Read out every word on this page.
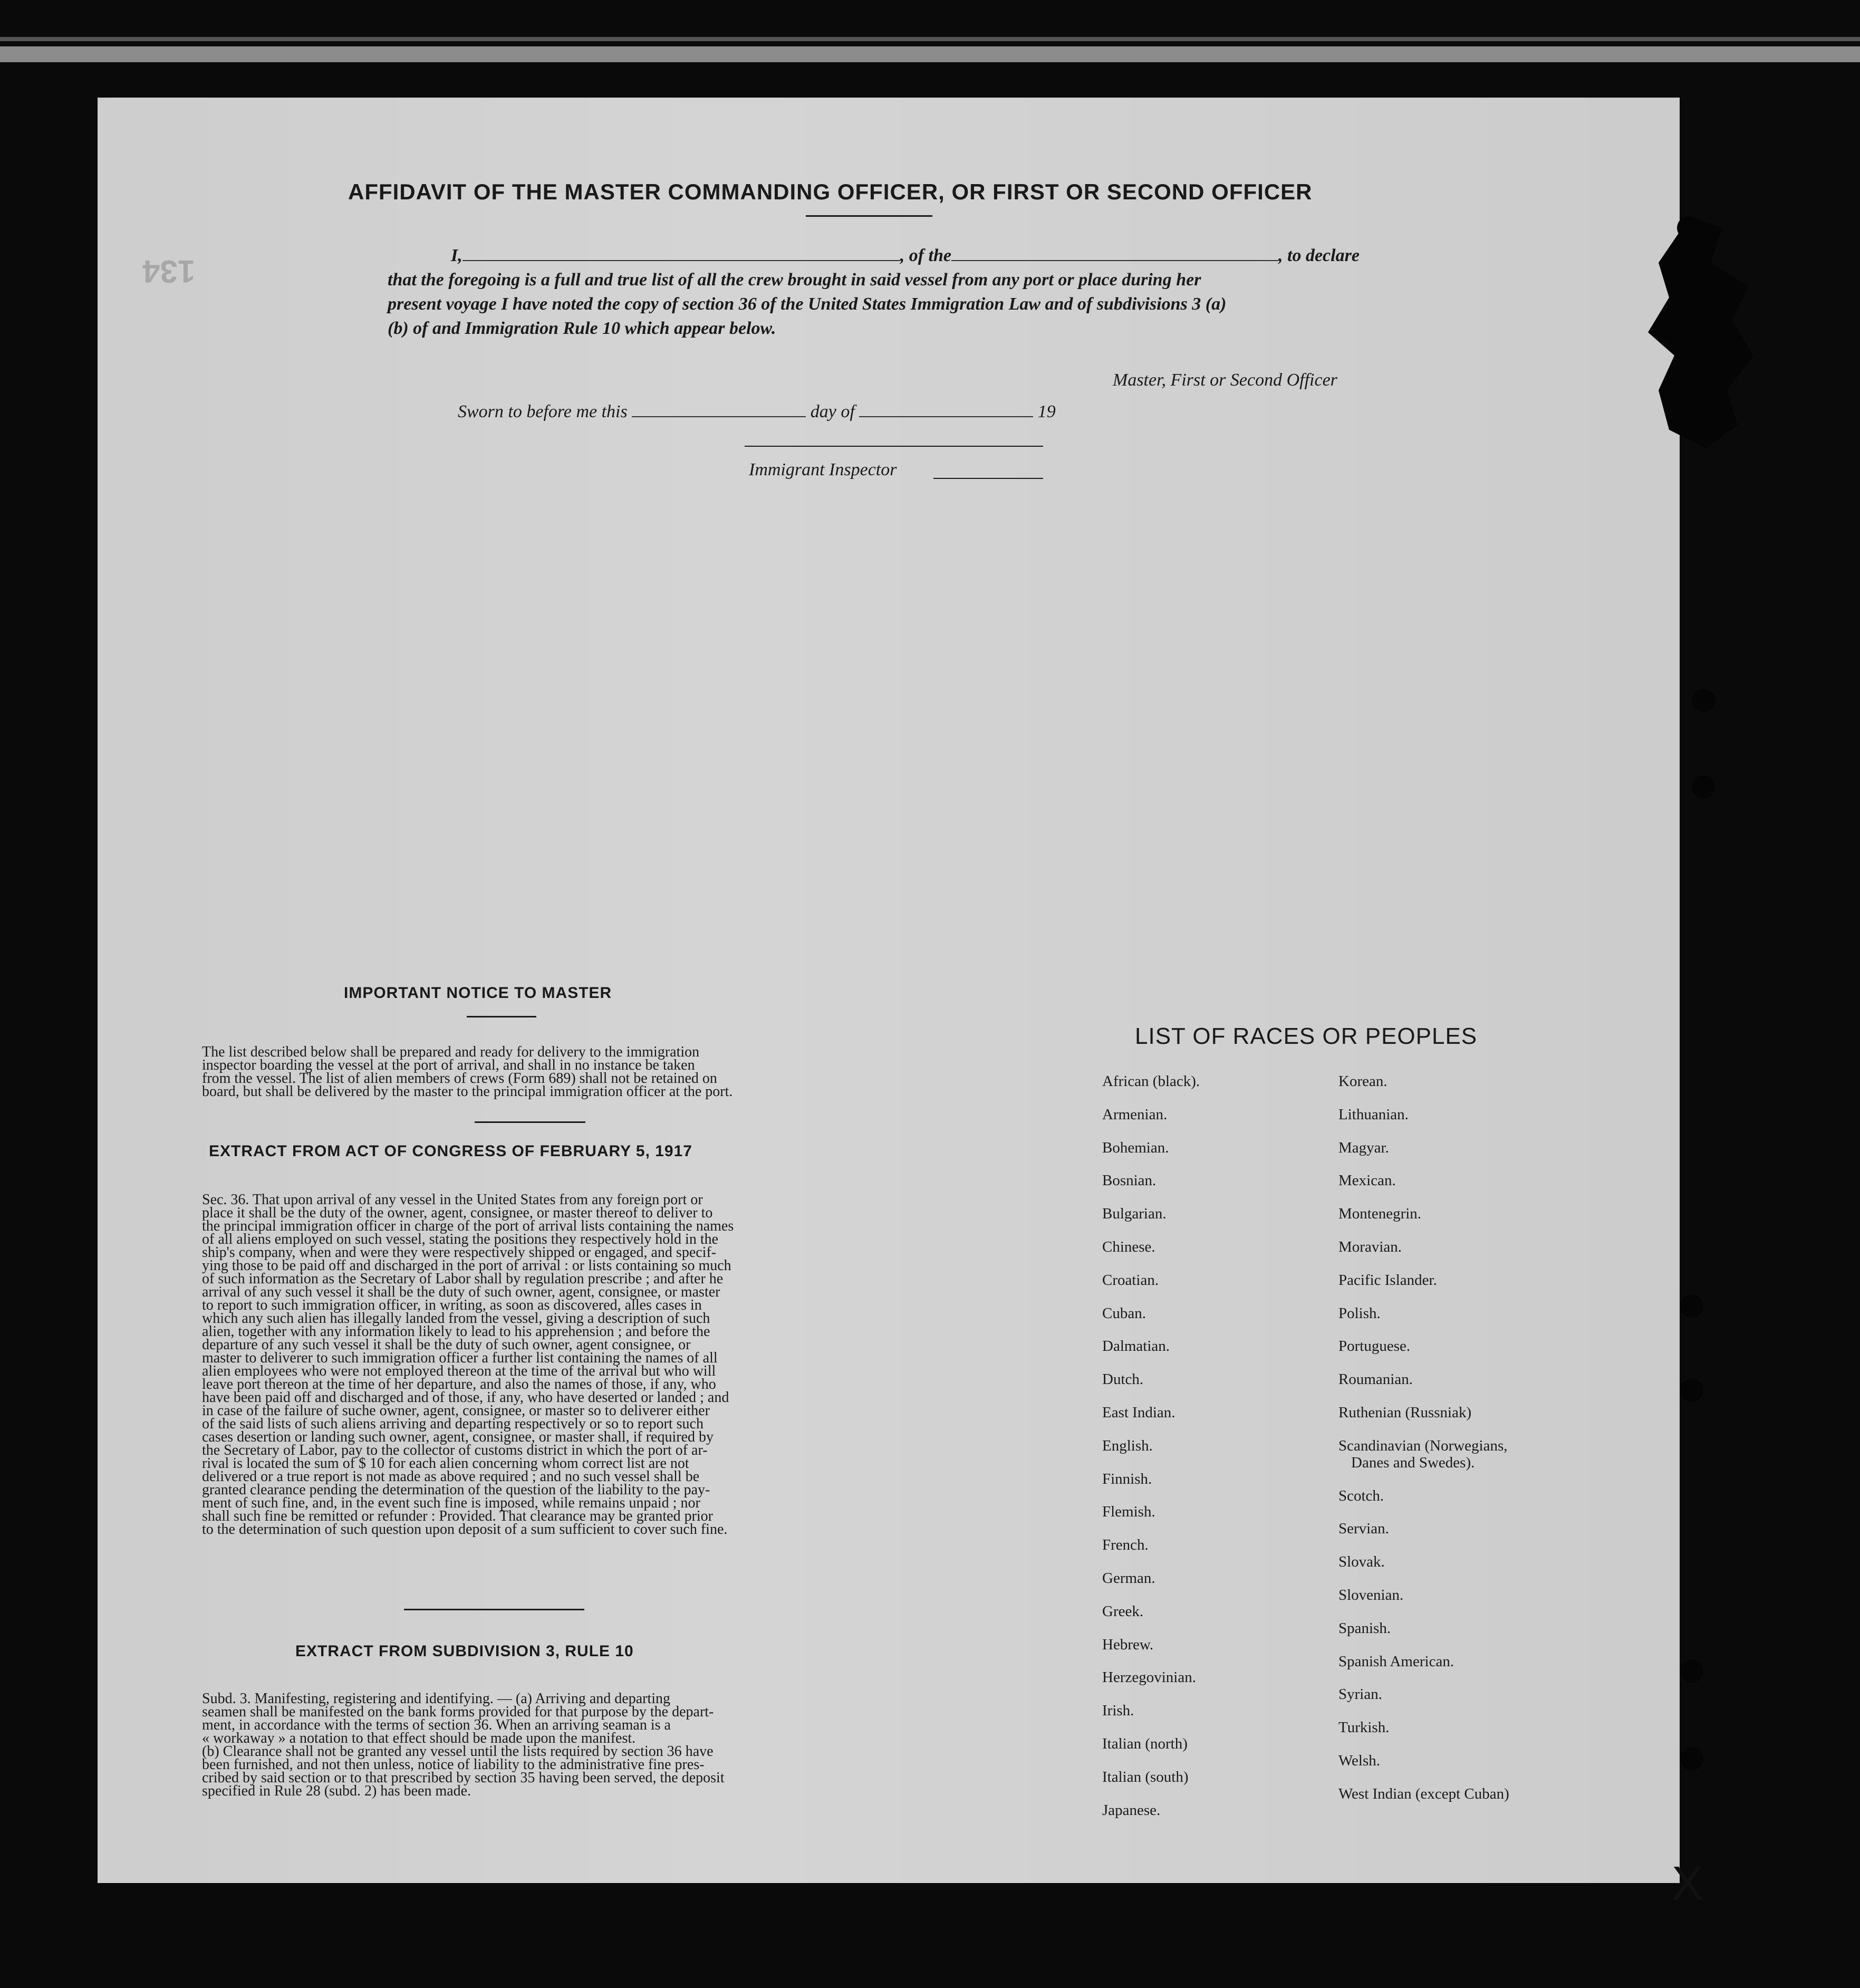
134
X
AFFIDAVIT OF THE MASTER COMMANDING OFFICER, OR FIRST OR SECOND OFFICER
I,	, of the	, to declare
that the foregoing is a full and true list of all the crew brought in said vessel from any port or place during her
present voyage I have noted the copy of section 36 of the United States Immigration Law and of subdivisions 3 (a)
(b) of and Immigration Rule 10 which appear below.
Master, First or Second Officer
Sworn to before me this	day of	19
Immigrant Inspector
IMPORTANT NOTICE TO MASTER
The list described below shall be prepared and ready for delivery to the immigration
inspector boarding the vessel at the port of arrival, and shall in no instance be taken
from the vessel. The list of alien members of crews (Form 689) shall not be retained on
board, but shall be delivered by the master to the principal immigration officer at the port.
EXTRACT FROM ACT OF CONGRESS OF FEBRUARY 5, 1917
Sec. 36. That upon arrival of any vessel in the United States from any foreign port or
place it shall be the duty of the owner, agent, consignee, or master thereof to deliver to
the principal immigration officer in charge of the port of arrival lists containing the names
of all aliens employed on such vessel, stating the positions they respectively hold in the
ship's company, when and were they were respectively shipped or engaged, and specif-
ying those to be paid off and discharged in the port of arrival : or lists containing so much
of such information as the Secretary of Labor shall by regulation prescribe ; and after he
arrival of any such vessel it shall be the duty of such owner, agent, consignee, or master
to report to such immigration officer, in writing, as soon as discovered, alles cases in
which any such alien has illegally landed from the vessel, giving a description of such
alien, together with any information likely to lead to his apprehension ; and before the
departure of any such vessel it shall be the duty of such owner, agent consignee, or
master to deliverer to such immigration officer a further list containing the names of all
alien employees who were not employed thereon at the time of the arrival but who will
leave port thereon at the time of her departure, and also the names of those, if any, who
have been paid off and discharged and of those, if any, who have deserted or landed ; and
in case of the failure of suche owner, agent, consignee, or master so to deliverer either
of the said lists of such aliens arriving and departing respectively or so to report such
cases desertion or landing such owner, agent, consignee, or master shall, if required by
the Secretary of Labor, pay to the collector of customs district in which the port of ar-
rival is located the sum of $ 10 for each alien concerning whom correct list are not
delivered or a true report is not made as above required ; and no such vessel shall be
granted clearance pending the determination of the question of the liability to the pay-
ment of such fine, and, in the event such fine is imposed, while remains unpaid ; nor
shall such fine be remitted or refunder : Provided. That clearance may be granted prior
to the determination of such question upon deposit of a sum sufficient to cover such fine.
EXTRACT FROM SUBDIVISION 3, RULE 10
Subd. 3. Manifesting, registering and identifying. — (a) Arriving and departing
seamen shall be manifested on the bank forms provided for that purpose by the depart-
ment, in accordance with the terms of section 36. When an arriving seaman is a
« workaway » a notation to that effect should be made upon the manifest.
(b) Clearance shall not be granted any vessel until the lists required by section 36 have
been furnished, and not then unless, notice of liability to the administrative fine pres-
cribed by said section or to that prescribed by section 35 having been served, the deposit
specified in Rule 28 (subd. 2) has been made.
LIST OF RACES OR PEOPLES
African (black).
Armenian.
Bohemian.
Bosnian.
Bulgarian.
Chinese.
Croatian.
Cuban.
Dalmatian.
Dutch.
East Indian.
English.
Finnish.
Flemish.
French.
German.
Greek.
Hebrew.
Herzegovinian.
Irish.
Italian (north)
Italian (south)
Japanese.
Korean.
Lithuanian.
Magyar.
Mexican.
Montenegrin.
Moravian.
Pacific Islander.
Polish.
Portuguese.
Roumanian.
Ruthenian (Russniak)
Scandinavian (Norwegians,
Danes and Swedes).
Scotch.
Servian.
Slovak.
Slovenian.
Spanish.
Spanish American.
Syrian.
Turkish.
Welsh.
West Indian (except Cuban)
